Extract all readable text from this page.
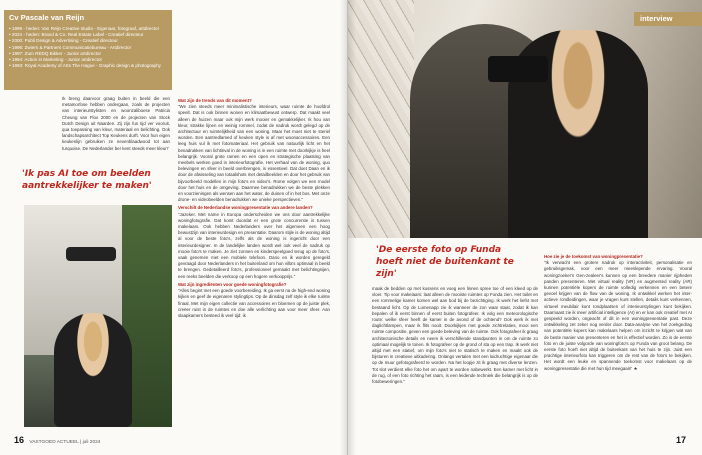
Cv Pascale van Reijn
• 1999 - heden: Van Reijn Creative studio - Eigenaar, fotograaf, artdirector
• 2024 - heden: Brand & Co. Real Estate Label - Creatief directeur
• 2000: Publi Design & Advertising - Creatief directeur
• 1996: Zwiers & Partners Communicatiebureau - Artdirector
• 1997: Zum REDQ Bikker - Junior artdirector
• 1994: Action in Marketing - Junior artdirector
• 1993: Royal Academy of Arts The Hague - Graphic design & photography

Ik breng daarvoor graag buiten in beeld die een metamorfose hebben ondergaan, zoals de projecten van interieurstylisten en woonzaliboese Patricia Cheung van Flox 2000 en de projecten van Stock Dutch Design uit Naarden. Zij zijn fun tijd ver vooruit, qua toepassing van kleur, materiaal en belichting. Ook landschapsarchitect Top Keukens durft. Voor hun eigen keukenlijn gebruiken ze nevenblaadwood tot aan turquoise. De Nederlander ber kent steeds meer kleur!'

'Ik pas AI toe om beelden aantrekkelijker te maken'
Wat zijn de trends van dit moment?
"We zien steeds meer minimalistische interieurs, waar ruimte de hoofdrol speelt. Dat is ook binnen wonen en klimaatbewust ontwerp. Dat maakt veel alleen de huizen maar ook mijn werk mooier en gemakkelijker. Ik hou van kleur, strakke lijnen en weinig rommel, zodat de nadruk wordt gelegd op de architectuur en ruimtelijkheid van een woning. Maar het moet niet te steriel worden. Een aantredlamed of keuken style is af met woonaccessoires. Een leeg huis vul ik met fotomateriaal. Het gebruik van natuurlijk licht en het benadrukken van lichtinval in de woning is in een ruimte met doorkijkje is heel belangrijk. Vooral grote ramen en een open en strategische plaatsing van meebels werken goed in interieurfotografie. Het verhaal van de woning, quo belevingen en sfeer in beeld overbrengen, is essentieel. Dat doet Daan en ik door de afwisseling van totaalshots met detailbeelden en door het gebruik van bijvoorbeeld modellen in mijn foto's en video's. Rome volgen we een model door het huis en de omgeving. Daarmee benadrukken we de beste plekken en voorzieningen als wensen aan het water, de duinen of in het bos. Met onze drone- en videobeelden benadrukken we unieke perspectieven."
Verschilt de Nederlandse woningpresentatie van andere landen?
"Jazeker. Met name in Europa onderscheiden we ons door aantrekkelijke woningfotografie. Dat komt doordat er een grote concurrentie is tussen makelaars. Ook hebben Nederlanders over het algemeen een hoog bewustzijn van interieurdesign en presentatie. Daarom stijle is de woning altijd al voor de beste foto's, zelfs als de woning is ingericht door een interieurdesigner. In de landelijke landen wordt wel ook veel de nadruk op mooie foto's te maken. Je ziet zonnen en kinderspeelgoed terug op de foto's, vaak genemen met een mobiele telefoon. Dano en ik worden geregeld gevraagd door Nederlanders in het buitenland om hun villa's optimaal in beeld te brengen. Gedetailleerd foto's, professioneel gemaakt met belichtingsijen, een reeks beelden die verkoop op een hogere verkoopprijs."
Wat zijn ingrediënten voor goede woningfotografie?
"Alles begint met een goede voorbereiding. Ik ga eerst na de high-end woning kijken en geef de eigenaren stylingtips. Op de dinsdag zelf style ik elke ruimte finaal. Met mijn eigen collectie van accessoires en bloemen op de juiste plek, creëer ruist in de ruimtes en doe alle verlichting aan voor meer sfeer. Aan slaapkamers besteed ik veel tijd: ik
16 VASTGOED ACTUEEL | juli 2024
interview
'De eerste foto op Funda hoeft niet de buitenkant te zijn'

maak de bedden op met kussens en voeg een linnen spree toe of een kleed op de vloer. Tip voor makelaars: laat alleen de mooiste ruimtes op Funda zien. Het toilet en een rommelige kamer komen wel aan bod bij de bezichtiging. Ik werk het liefst met bestaand licht. Op de Lumenapp zie ik wanneer de zon waar staat, zodat ik kan bepalen of ik eerst binnen of eerst buiten fotografeer. Ik volg een meteorologische route: welke sfeer heeft de kamer in de avond of de ochtend? Ook werk ik met daglichtlampen, maar ik flits nooit. Doorkijkjes met goede zichtrelaties, mooi een ruimte compositie, geven een goede beleving van de ruimte. Ook fotografeer ik graag architectonische details en neem ik verschillende standpunten in om de ruimte zo optimaal mogelijk te tonen. Ik fotografeer op de grond of sta op een trap. Ik werk niet altijd met een statief, om mijn foto's niet te statisch te maken en maakt ook de bijsturen in creatieve uitkadering. Onlangs vertalen met een luidruchtige eigenaar die op de muur gefotografeerd te worden. Na het loopje zit ik graag met diverse lenzen. Tot slot verdient elke foto het om apart te worden nabewerkt. Een kamer met licht in de rug, of een foto richting het raam, is een leidende techniek die belangrijk is op de fotobeweringen."

Hoe zie je de toekomst van woningpresentatie?
"Ik verwacht een grotere nadruk op interactiviteit, personalisatie en gebruiksgemak, voor een meer meeslepende ervaring. Vooral woningzoeker's Gen-zealeer's kunnen op een breedere manier rijpheden panden presenteren. Met virtual reality (VR) en augmented reality (AR) kunnen potentiële kopers de ruimte volledig verkennen en een betere gevoel krijgen van de flow van de woning. Ik ontwikkel werken het interactieve rondleidingen, waar je vragen kunt stellen, details kunt verkennen, virtueel meubilair kunt rondplaatsen of interieurstylingen kunt bekijken. Daarnaast zie ik meer artificial intelligence (AI) en er kan ook creatief met AI gespeeld worden, ongeacht of dit in een woningpresentatie past. Deze ontwikkeling zet zeker nog verder door. Data-analyse van het zoekgedrag van potentiële kopers kan makelaars helpen om inzicht te krijgen wat van de beste manier van presenteren en het is effectief worden. Zo is de eerste foto en de juiste volgorde van woningfoto's op Funda van groot belang. De eerste foto hoeft niet altijd de buitenkant van het huis te zijn. Juist een prachtige interieurfoto kan triggeren om de rest van de foto's te bekijken. Het wordt een leuke en spannende toekomst voor makelaars op de woningpresentatie die met hun tijd meegaan!' ★
17
